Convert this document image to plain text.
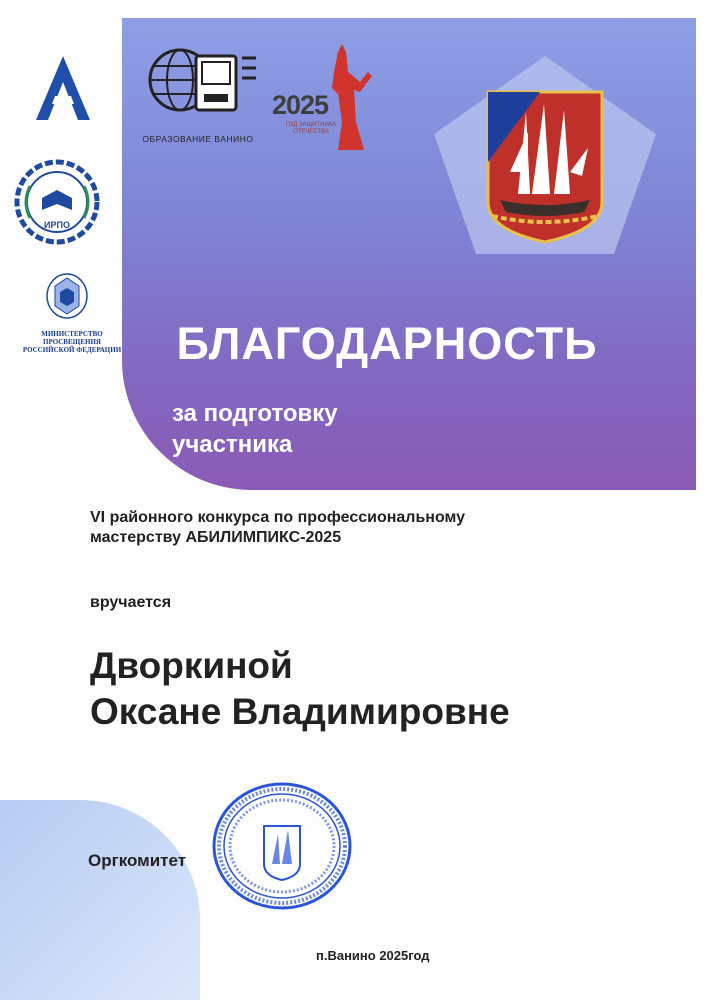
ИРПО
МИНИСТЕРСТВО ПРОСВЕЩЕНИЯ
РОССИЙСКОЙ ФЕДЕРАЦИИ
ОБРАЗОВАНИЕ ВАНИНО
2025
ГОД ЗАЩИТНИКА ОТЕЧЕСТВА
БЛАГОДАРНОСТЬ
за подготовку
участника
VI районного конкурса по профессиональному
мастерству АБИЛИМПИКС-2025
вручается
Дворкиной
Оксане Владимировне
Оргкомитет
п.Ванино 2025год
